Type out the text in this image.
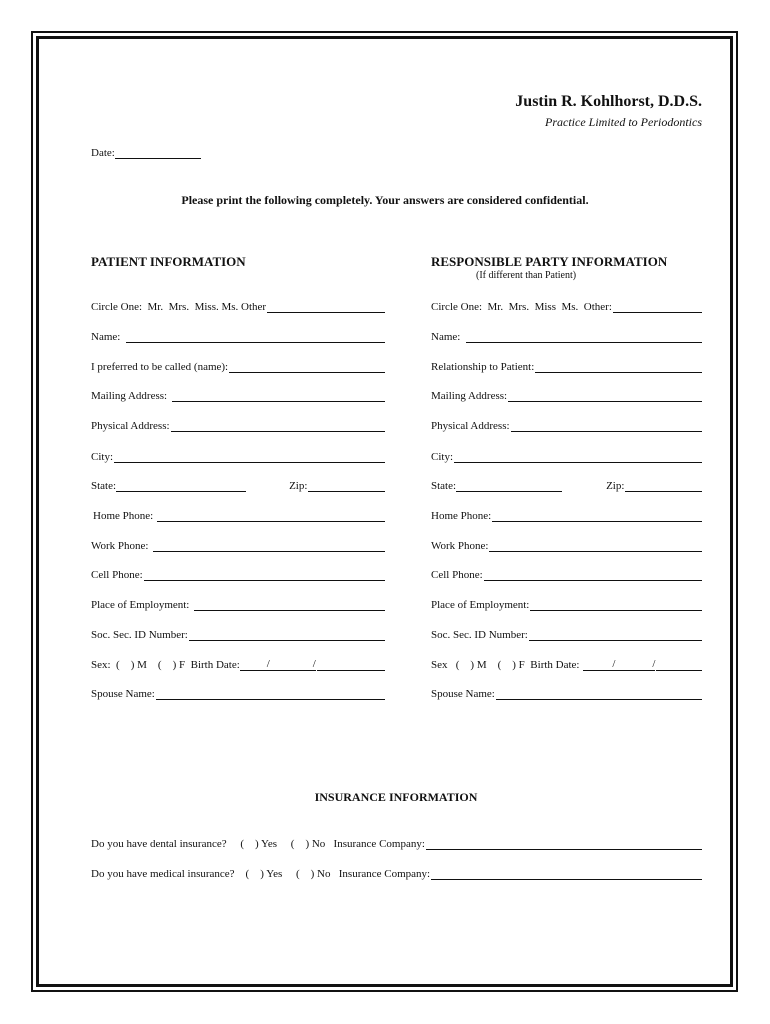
Justin R. Kohlhorst, D.D.S.
Practice Limited to Periodontics
Date:
Please print the following completely. Your answers are considered confidential.
PATIENT INFORMATION
Circle One:  Mr.  Mrs.  Miss. Ms. Other
Name:
I preferred to be called (name):
Mailing Address:
Physical Address:
City:
State:	Zip:
Home Phone:
Work Phone:
Cell Phone:
Place of Employment:
Soc. Sec. ID Number:
Sex:  (    ) M    (    ) F  Birth Date:	/	/
Spouse Name:
RESPONSIBLE PARTY INFORMATION
(If different than Patient)
Circle One:  Mr.  Mrs.  Miss  Ms.  Other:
Name:
Relationship to Patient:
Mailing Address:
Physical Address:
City:
State:	Zip:
Home Phone:
Work Phone:
Cell Phone:
Place of Employment:
Soc. Sec. ID Number:
Sex   (    ) M    (    ) F  Birth Date:	/	/
Spouse Name:
INSURANCE INFORMATION
Do you have dental insurance?     (    ) Yes     (    ) No   Insurance Company:
Do you have medical insurance?    (    ) Yes     (    ) No   Insurance Company:
